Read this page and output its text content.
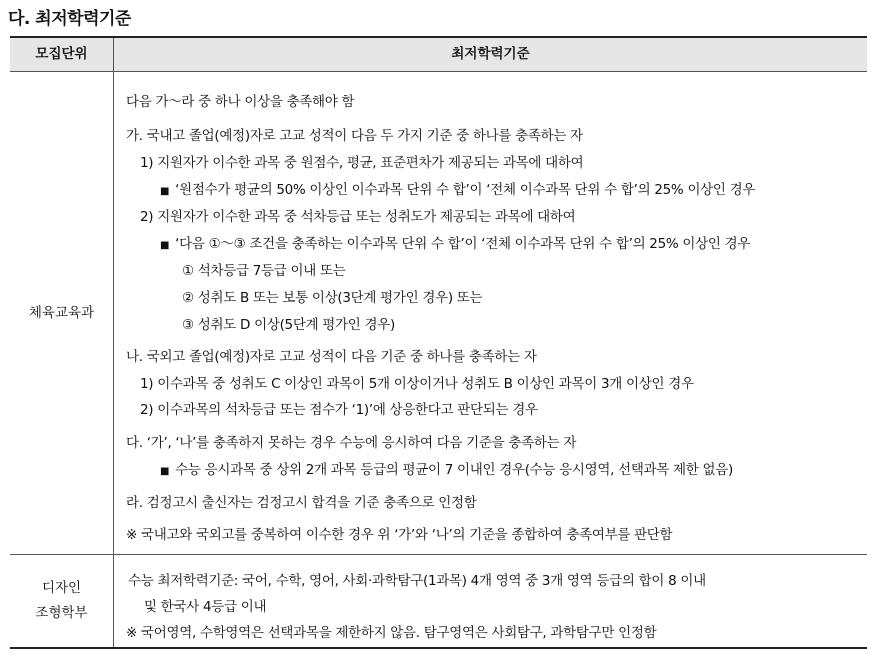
다. 최저학력기준
모집단위	최저학력기준
체육교육과
다음 가～라 중 하나 이상을 충족해야 함
가. 국내고 졸업(예정)자로 고교 성적이 다음 두 가지 기준 중 하나를 충족하는 자
1) 지원자가 이수한 과목 중 원점수, 평균, 표준편차가 제공되는 과목에 대하여
■ ‘원점수가 평균의 50% 이상인 이수과목 단위 수 합’이 ‘전체 이수과목 단위 수 합’의 25% 이상인 경우
2) 지원자가 이수한 과목 중 석차등급 또는 성취도가 제공되는 과목에 대하여
■ ‘다음 ①～③ 조건을 충족하는 이수과목 단위 수 합’이 ‘전체 이수과목 단위 수 합’의 25% 이상인 경우
① 석차등급 7등급 이내 또는
② 성취도 B 또는 보통 이상(3단계 평가인 경우) 또는
③ 성취도 D 이상(5단계 평가인 경우)
나. 국외고 졸업(예정)자로 고교 성적이 다음 기준 중 하나를 충족하는 자
1) 이수과목 중 성취도 C 이상인 과목이 5개 이상이거나 성취도 B 이상인 과목이 3개 이상인 경우
2) 이수과목의 석차등급 또는 점수가 ‘1)’에 상응한다고 판단되는 경우
다. ‘가’, ‘나’를 충족하지 못하는 경우 수능에 응시하여 다음 기준을 충족하는 자
■ 수능 응시과목 중 상위 2개 과목 등급의 평균이 7 이내인 경우(수능 응시영역, 선택과목 제한 없음)
라. 검정고시 출신자는 검정고시 합격을 기준 충족으로 인정함
※ 국내고와 국외고를 중복하여 이수한 경우 위 ‘가’와 ‘나’의 기준을 종합하여 충족여부를 판단함
디자인
조형학부
수능 최저학력기준: 국어, 수학, 영어, 사회·과학탐구(1과목) 4개 영역 중 3개 영역 등급의 합이 8 이내
및 한국사 4등급 이내
※ 국어영역, 수학영역은 선택과목을 제한하지 않음. 탐구영역은 사회탐구, 과학탐구만 인정함
